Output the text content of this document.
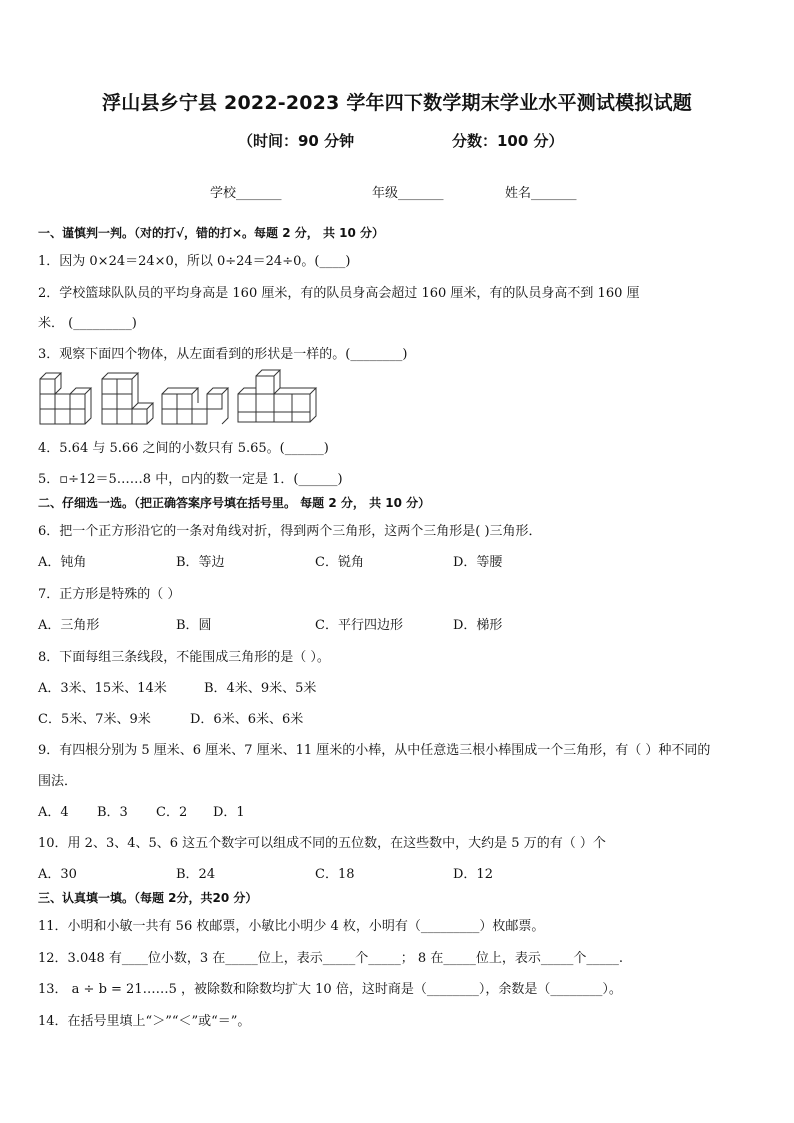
浮山县乡宁县 2022-2023 学年四下数学期末学业水平测试模拟试题
（时间：90 分钟	分数：100 分）
学校_______	年级_______	姓名_______
一、谨慎判一判。（对的打√，错的打×。每题 2 分， 共 10 分）
1．因为 0×24＝24×0，所以 0÷24＝24÷0。(____)
2．学校篮球队队员的平均身高是 160 厘米，有的队员身高会超过 160 厘米，有的队员身高不到 160 厘
米． (_________)
3．观察下面四个物体，从左面看到的形状是一样的。(________)
4．5.64 与 5.66 之间的小数只有 5.65。(______)
5．▫÷12＝5……8 中，▫内的数一定是 1．(______)
二、仔细选一选。（把正确答案序号填在括号里。 每题 2 分， 共 10 分）
6．把一个正方形沿它的一条对角线对折，得到两个三角形，这两个三角形是( )三角形．
A．钝角	B．等边	C．锐角	D．等腰
7．正方形是特殊的（ ）
A．三角形	B．圆	C．平行四边形	D．梯形
8．下面每组三条线段，不能围成三角形的是（ ）。
A．3米、15米、14米	B．4米、9米、5米
C．5米、7米、9米	D．6米、6米、6米
9．有四根分别为 5 厘米、6 厘米、7 厘米、11 厘米的小棒，从中任意选三根小棒围成一个三角形，有（ ）种不同的
围法．
A．4 B．3 C．2 D．1
10．用 2、3、4、5、6 这五个数字可以组成不同的五位数，在这些数中，大约是 5 万的有（ ）个
A．30	B．24	C．18	D．12
三、认真填一填。（每题 2分，共20 分）
11．小明和小敏一共有 56 枚邮票，小敏比小明少 4 枚，小明有（_________）枚邮票。
12．3.048 有____位小数，3 在_____位上，表示_____个_____； 8 在_____位上，表示_____个_____.
13． a ÷ b = 21……5 ，被除数和除数均扩大 10 倍，这时商是（________），余数是（________）。
14．在括号里填上“＞”“＜”或“＝”。
